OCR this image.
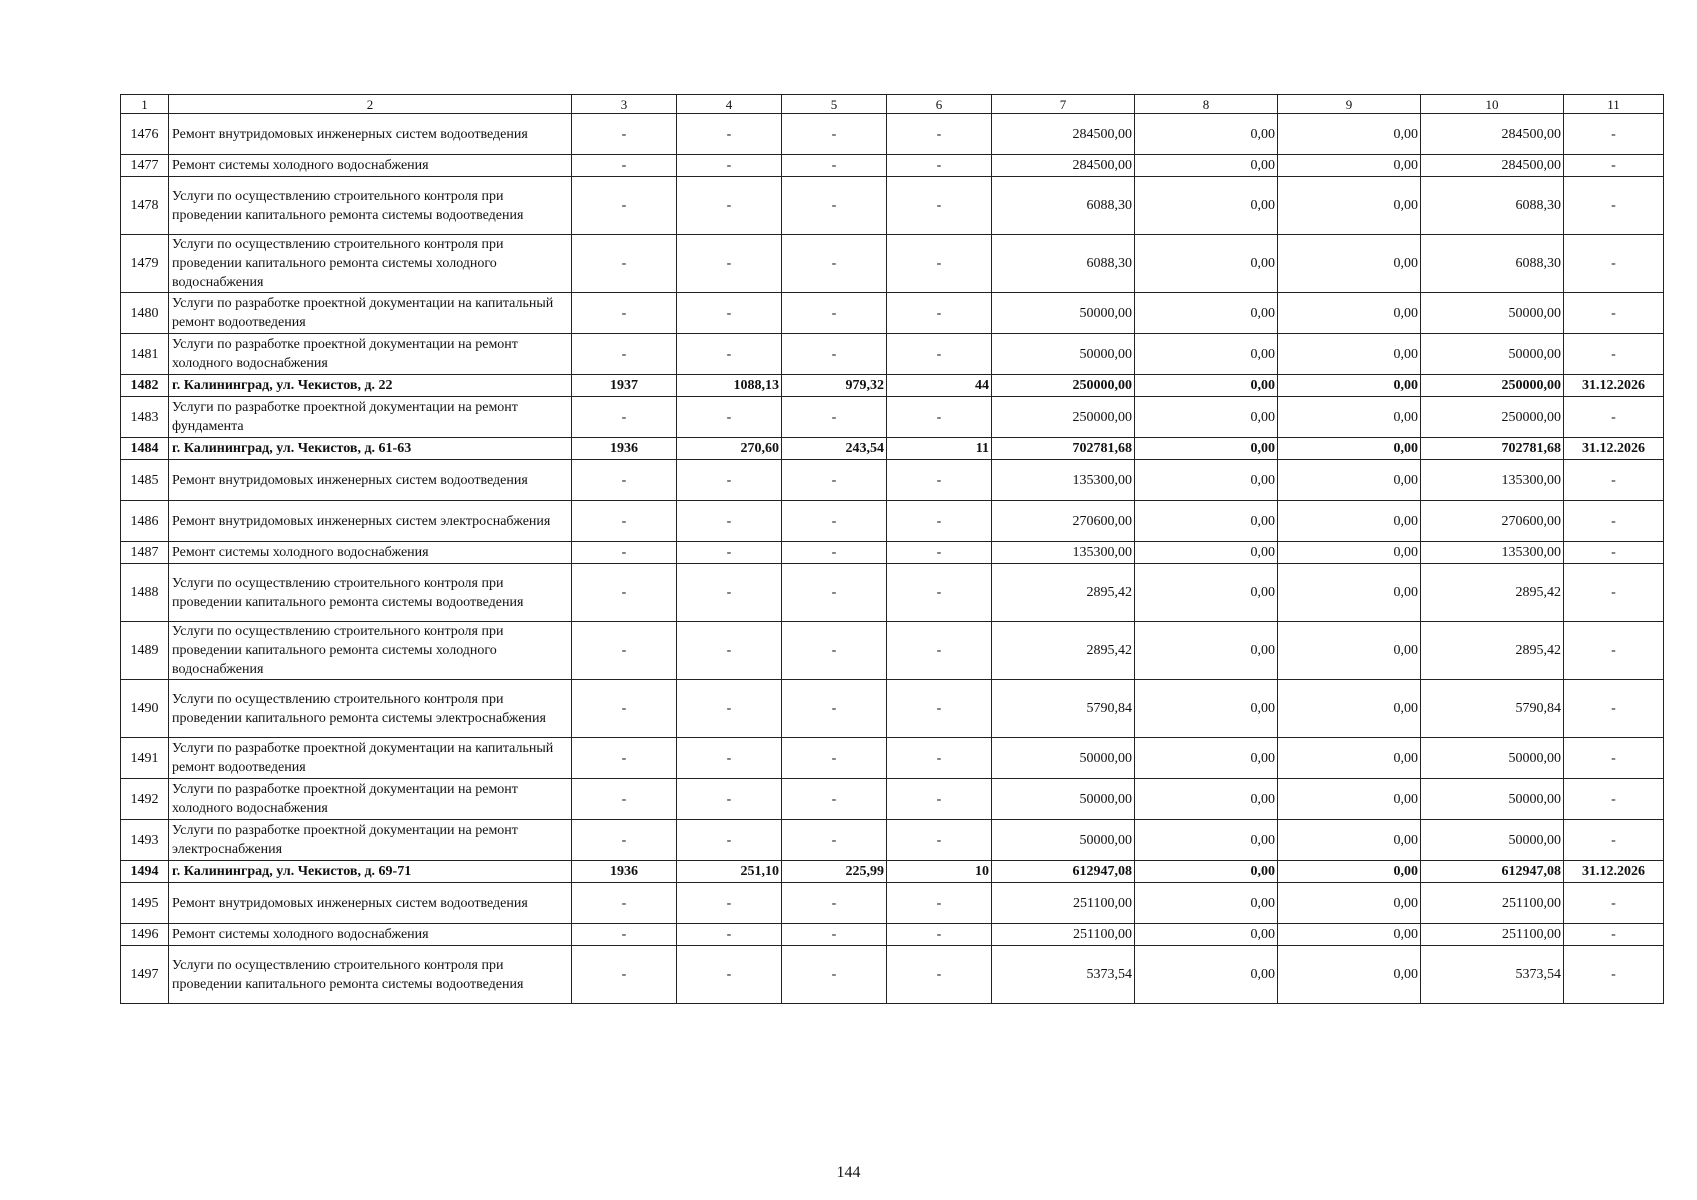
1	2	3	4	5	6	7	8	9	10	11
1476	Ремонт внутридомовых инженерных систем водоотведения	-	-	-	-	284500,00	0,00	0,00	284500,00	-
1477	Ремонт системы холодного водоснабжения	-	-	-	-	284500,00	0,00	0,00	284500,00	-
1478	Услуги по осуществлению строительного контроля при проведении капитального ремонта системы водоотведения	-	-	-	-	6088,30	0,00	0,00	6088,30	-
1479	Услуги по осуществлению строительного контроля при проведении капитального ремонта системы холодного водоснабжения	-	-	-	-	6088,30	0,00	0,00	6088,30	-
1480	Услуги по разработке проектной документации на капитальный ремонт водоотведения	-	-	-	-	50000,00	0,00	0,00	50000,00	-
1481	Услуги по разработке проектной документации на ремонт холодного водоснабжения	-	-	-	-	50000,00	0,00	0,00	50000,00	-
1482	г. Калининград, ул. Чекистов, д. 22	1937	1088,13	979,32	44	250000,00	0,00	0,00	250000,00	31.12.2026
1483	Услуги по разработке проектной документации на ремонт фундамента	-	-	-	-	250000,00	0,00	0,00	250000,00	-
1484	г. Калининград, ул. Чекистов, д. 61-63	1936	270,60	243,54	11	702781,68	0,00	0,00	702781,68	31.12.2026
1485	Ремонт внутридомовых инженерных систем водоотведения	-	-	-	-	135300,00	0,00	0,00	135300,00	-
1486	Ремонт внутридомовых инженерных систем электроснабжения	-	-	-	-	270600,00	0,00	0,00	270600,00	-
1487	Ремонт системы холодного водоснабжения	-	-	-	-	135300,00	0,00	0,00	135300,00	-
1488	Услуги по осуществлению строительного контроля при проведении капитального ремонта системы водоотведения	-	-	-	-	2895,42	0,00	0,00	2895,42	-
1489	Услуги по осуществлению строительного контроля при проведении капитального ремонта системы холодного водоснабжения	-	-	-	-	2895,42	0,00	0,00	2895,42	-
1490	Услуги по осуществлению строительного контроля при проведении капитального ремонта системы электроснабжения	-	-	-	-	5790,84	0,00	0,00	5790,84	-
1491	Услуги по разработке проектной документации на капитальный ремонт водоотведения	-	-	-	-	50000,00	0,00	0,00	50000,00	-
1492	Услуги по разработке проектной документации на ремонт холодного водоснабжения	-	-	-	-	50000,00	0,00	0,00	50000,00	-
1493	Услуги по разработке проектной документации на ремонт электроснабжения	-	-	-	-	50000,00	0,00	0,00	50000,00	-
1494	г. Калининград, ул. Чекистов, д. 69-71	1936	251,10	225,99	10	612947,08	0,00	0,00	612947,08	31.12.2026
1495	Ремонт внутридомовых инженерных систем водоотведения	-	-	-	-	251100,00	0,00	0,00	251100,00	-
1496	Ремонт системы холодного водоснабжения	-	-	-	-	251100,00	0,00	0,00	251100,00	-
1497	Услуги по осуществлению строительного контроля при проведении капитального ремонта системы водоотведения	-	-	-	-	5373,54	0,00	0,00	5373,54	-
144
